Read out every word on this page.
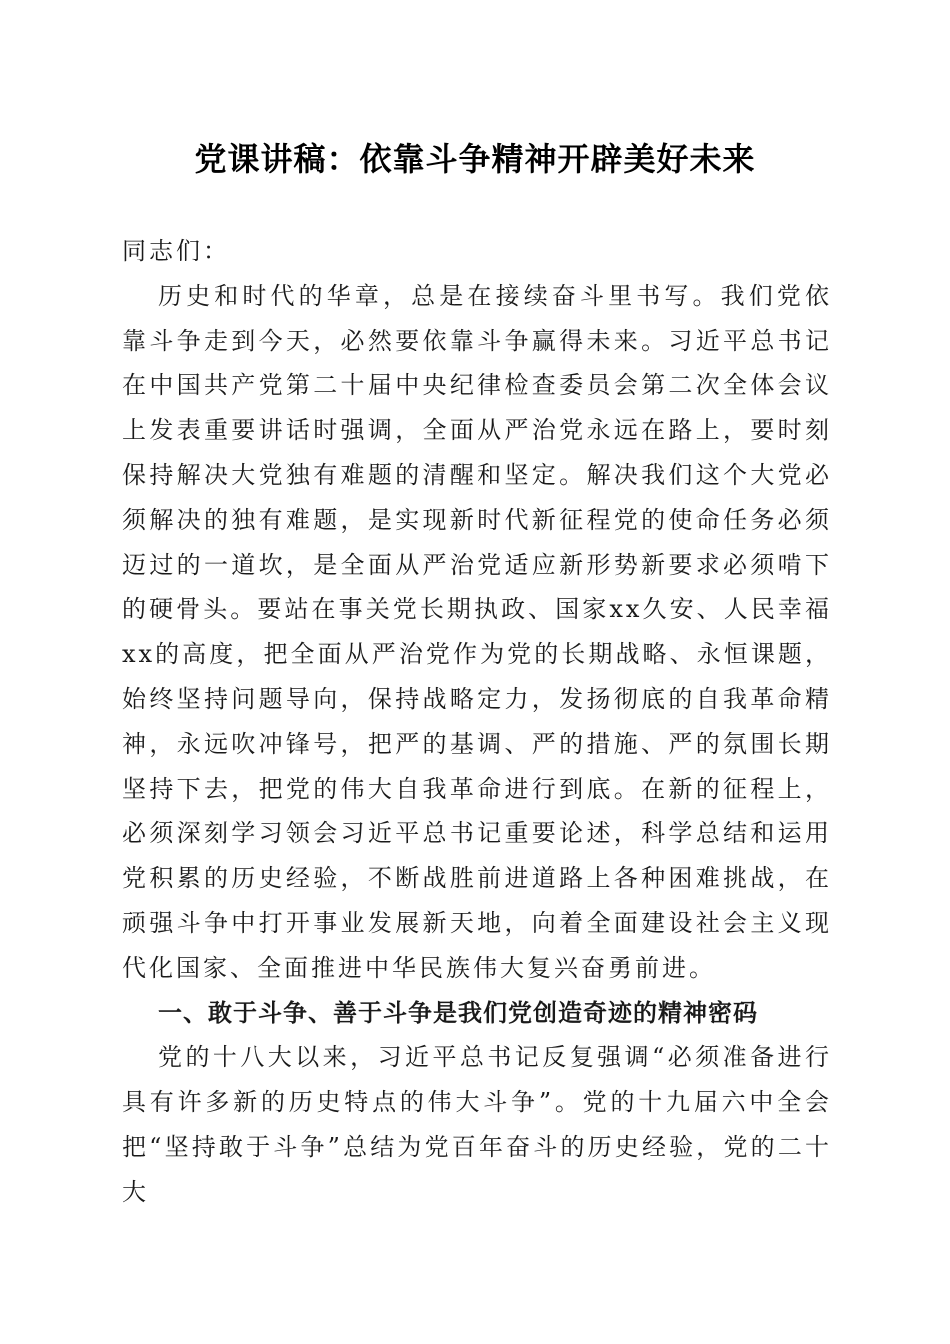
党课讲稿：依靠斗争精神开辟美好未来

同志们：

历史和时代的华章，总是在接续奋斗里书写。我们党依靠斗争走到今天，必然要依靠斗争赢得未来。习近平总书记在中国共产党第二十届中央纪律检查委员会第二次全体会议上发表重要讲话时强调，全面从严治党永远在路上，要时刻保持解决大党独有难题的清醒和坚定。解决我们这个大党必须解决的独有难题，是实现新时代新征程党的使命任务必须迈过的一道坎，是全面从严治党适应新形势新要求必须啃下的硬骨头。要站在事关党长期执政、国家xx久安、人民幸福xx的高度，把全面从严治党作为党的长期战略、永恒课题，始终坚持问题导向，保持战略定力，发扬彻底的自我革命精神，永远吹冲锋号，把严的基调、严的措施、严的氛围长期坚持下去，把党的伟大自我革命进行到底。在新的征程上，必须深刻学习领会习近平总书记重要论述，科学总结和运用党积累的历史经验，不断战胜前进道路上各种困难挑战，在顽强斗争中打开事业发展新天地，向着全面建设社会主义现代化国家、全面推进中华民族伟大复兴奋勇前进。

一、敢于斗争、善于斗争是我们党创造奇迹的精神密码

党的十八大以来，习近平总书记反复强调“必须准备进行具有许多新的历史特点的伟大斗争”。党的十九届六中全会把“坚持敢于斗争”总结为党百年奋斗的历史经验，党的二十大
